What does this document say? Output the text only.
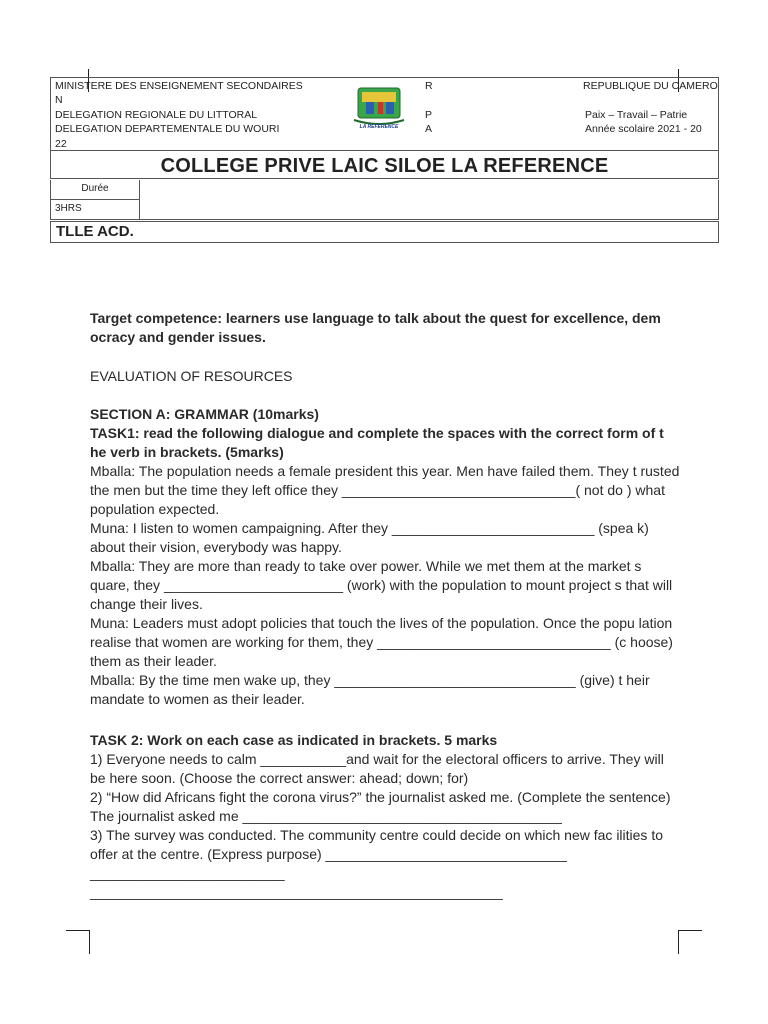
MINISTERE DES ENSEIGNEMENT SECONDAIRES
N
DELEGATION REGIONALE DU LITTORAL
DELEGATION DEPARTEMENTALE DU WOURI
22
R
P
A
REPUBLIQUE DU CAMERO
Paix – Travail – Patrie
Année scolaire 2021 - 20
LA REFERENCE
COLLEGE PRIVE LAIC SILOE LA REFERENCE
Durée
3HRS
TLLE ACD.

Target competence: learners use language to talk about the quest for excellence, dem ocracy and gender issues.

EVALUATION OF RESOURCES

SECTION A: GRAMMAR (10marks)

TASK1: read the following dialogue and complete the spaces with the correct form of t he verb in brackets. (5marks)

Mballa: The population needs a female president this year. Men have failed them. They t rusted the men but the time they left office they ______________________________( not do ) what population expected.

Muna: I listen to women campaigning. After they __________________________ (spea k) about their vision, everybody was happy.

Mballa: They are more than ready to take over power. While we met them at the market s quare, they _______________________ (work) with the population to mount project s that will change their lives.

Muna: Leaders must adopt policies that touch the lives of the population. Once the popu lation realise that women are working for them, they ______________________________ (c hoose) them as their leader.

Mballa: By the time men wake up, they _______________________________ (give) t heir mandate to women as their leader.

TASK 2: Work on each case as indicated in brackets. 5 marks

1) Everyone needs to calm ___________and wait for the electoral officers to arrive. They will be here soon. (Choose the correct answer: ahead; down; for)

2) “How did Africans fight the corona virus?” the journalist asked me. (Complete the sentence)

The journalist asked me _________________________________________

3) The survey was conducted. The community centre could decide on which new fac ilities to offer at the centre. (Express purpose) _______________________________

_________________________

_____________________________________________________
